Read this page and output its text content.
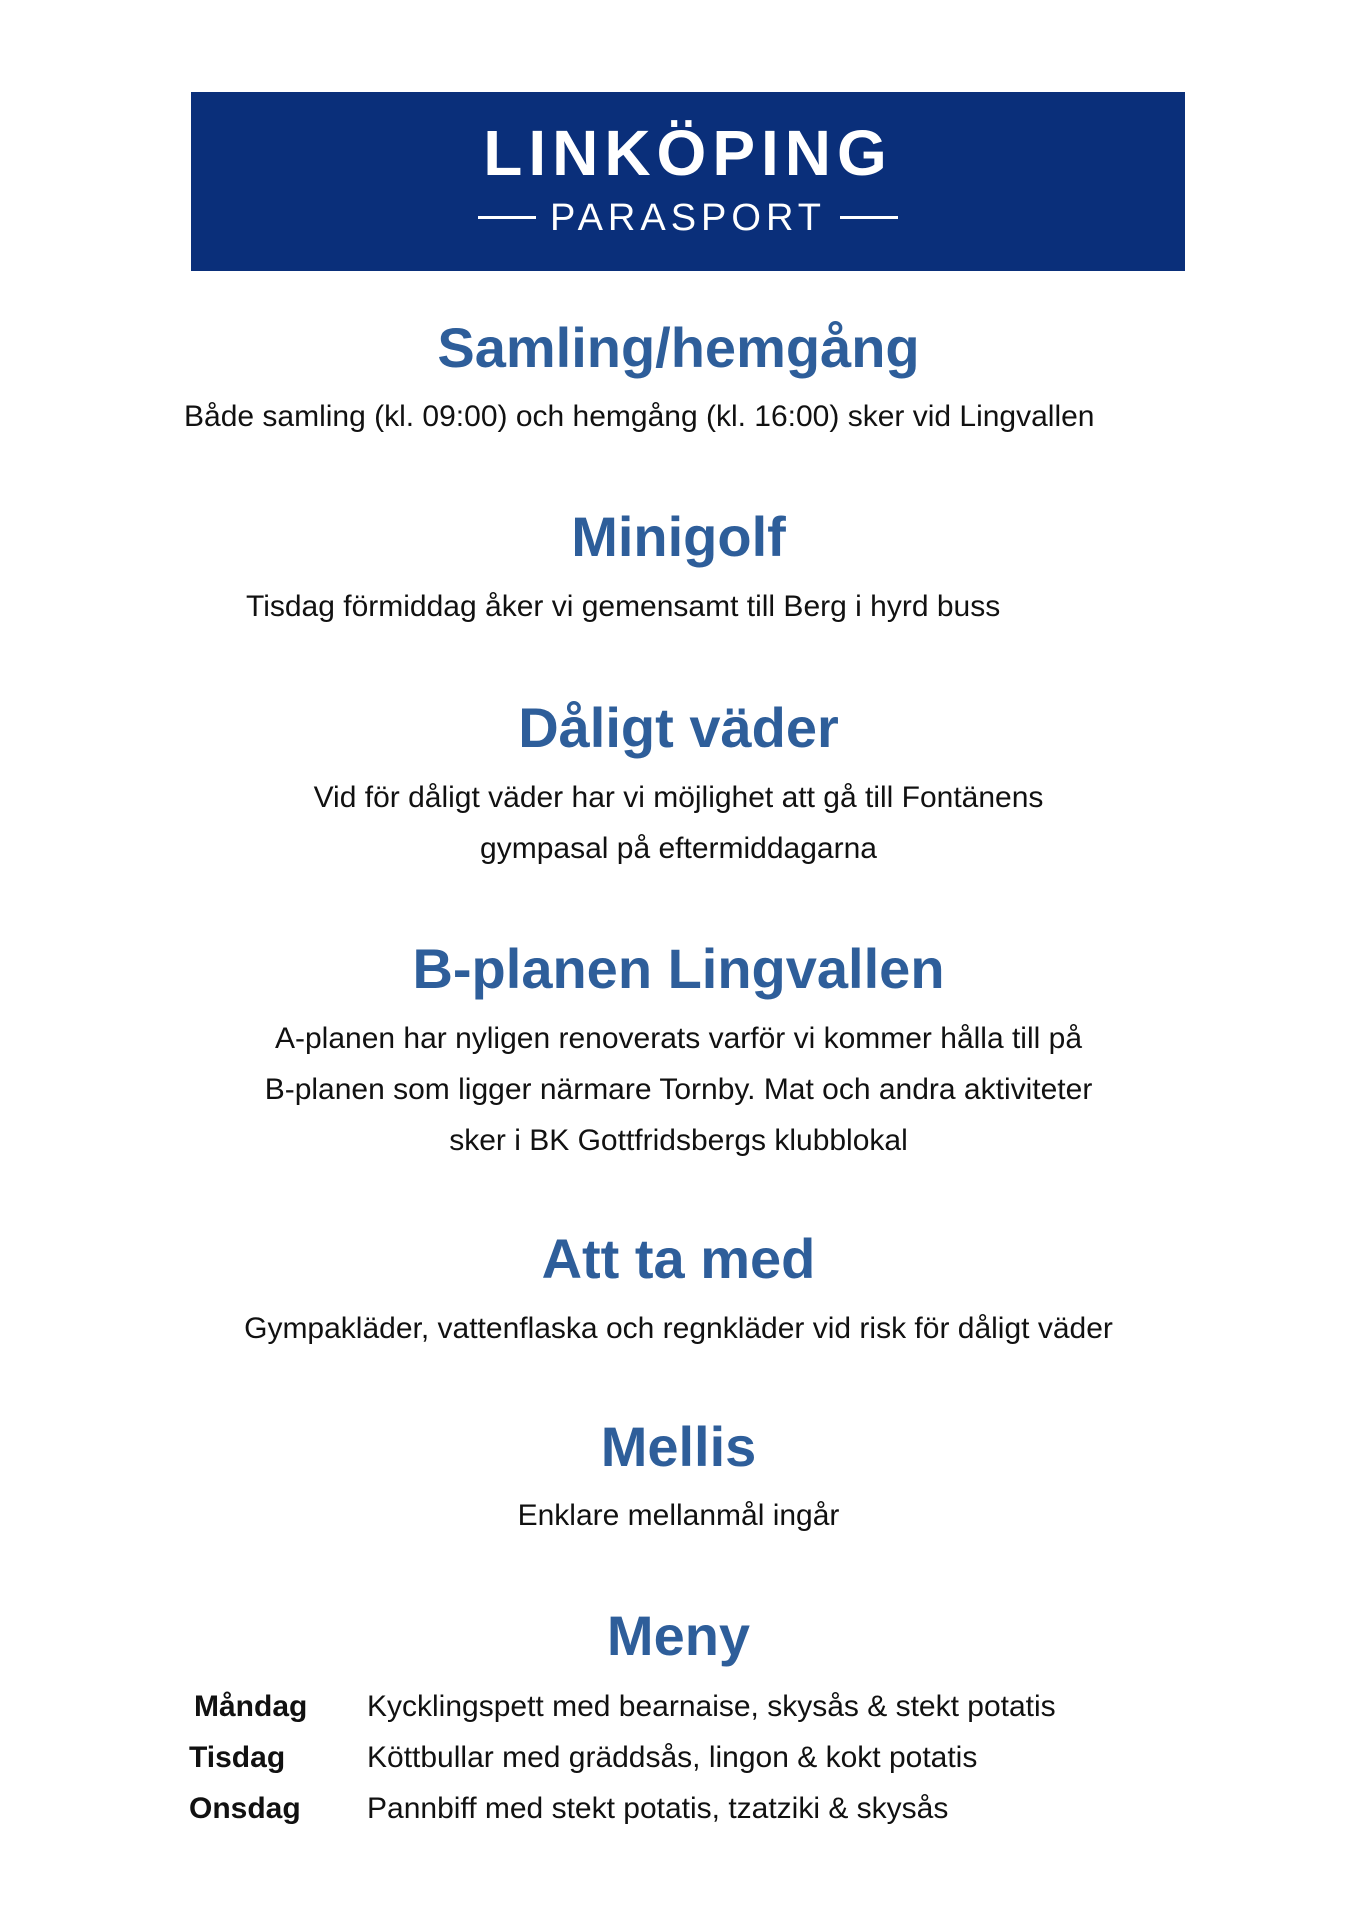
LINKÖPING
PARASPORT
Samling/hemgång

Både samling (kl. 09:00) och hemgång (kl. 16:00) sker vid Lingvallen

Minigolf

Tisdag förmiddag åker vi gemensamt till Berg i hyrd buss

Dåligt väder

Vid för dåligt väder har vi möjlighet att gå till Fontänens

gympasal på eftermiddagarna

B-planen Lingvallen

A-planen har nyligen renoverats varför vi kommer hålla till på

B-planen som ligger närmare Tornby. Mat och andra aktiviteter

sker i BK Gottfridsbergs klubblokal

Att ta med

Gympakläder, vattenflaska och regnkläder vid risk för dåligt väder

Mellis

Enklare mellanmål ingår

Meny
Måndag Kycklingspett med bearnaise, skysås & stekt potatis
Tisdag	Köttbullar med gräddsås, lingon & kokt potatis
Onsdag Pannbiff med stekt potatis, tzatziki & skysås
